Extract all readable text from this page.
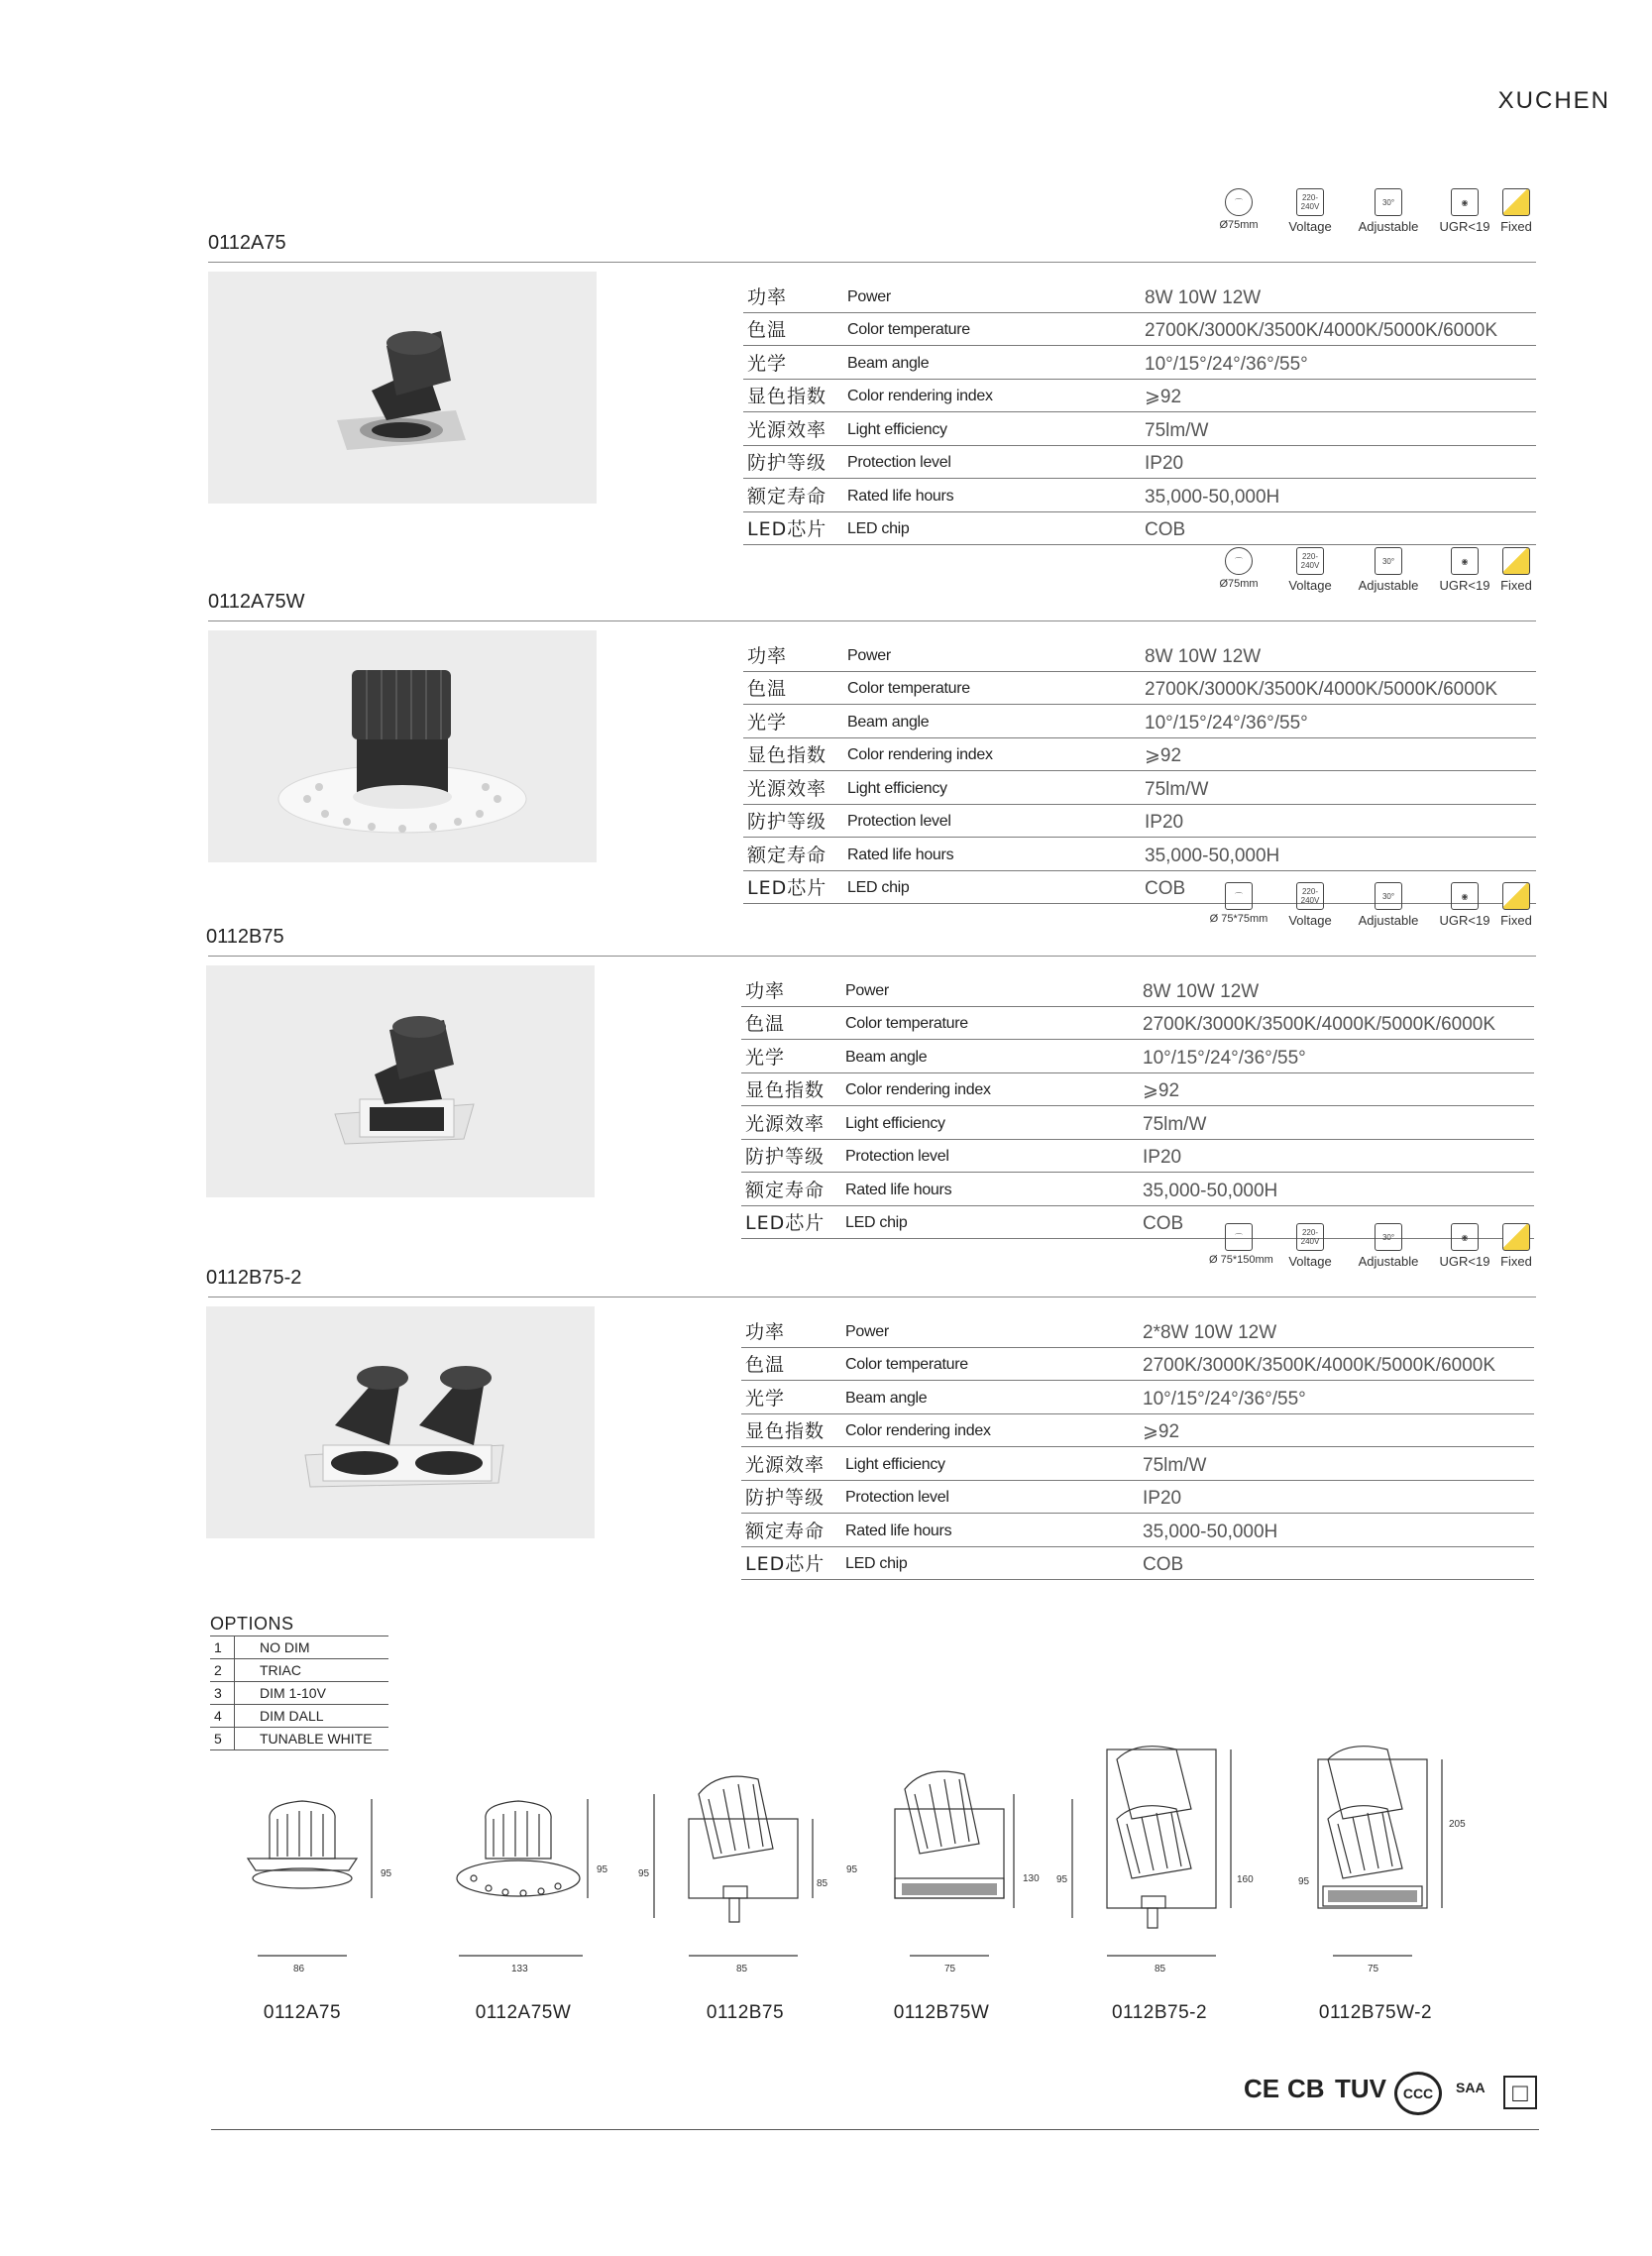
XUCHEN
0112A75
⌒
Ø75mm
220-240V
Voltage
30°
Adjustable
◉
UGR<19 Fixed
功率	Power	8W 10W 12W
色温	Color temperature	2700K/3000K/3500K/4000K/5000K/6000K
光学	Beam angle	10°/15°/24°/36°/55°
显色指数 Color rendering index	⩾92
光源效率 Light efficiency	75lm/W
防护等级 Protection level	IP20
额定寿命 Rated life hours	35,000-50,000H
LED芯片 LED chip	COB
0112A75W
⌒
Ø75mm
220-240V
Voltage
30°
Adjustable
◉
UGR<19 Fixed
功率	Power	8W 10W 12W
色温	Color temperature	2700K/3000K/3500K/4000K/5000K/6000K
光学	Beam angle	10°/15°/24°/36°/55°
显色指数 Color rendering index	⩾92
光源效率 Light efficiency	75lm/W
防护等级 Protection level	IP20
额定寿命 Rated life hours	35,000-50,000H
LED芯片 LED chip	COB
0112B75
⌒
Ø 75*75mm
220-240V
Voltage
30°
Adjustable
◉
UGR<19 Fixed
功率	Power	8W 10W 12W
色温	Color temperature	2700K/3000K/3500K/4000K/5000K/6000K
光学	Beam angle	10°/15°/24°/36°/55°
显色指数 Color rendering index	⩾92
光源效率 Light efficiency	75lm/W
防护等级 Protection level	IP20
额定寿命 Rated life hours	35,000-50,000H
LED芯片 LED chip	COB
0112B75-2
⌒
Ø 75*150mm
220-240V
Voltage
30°
Adjustable
◉
UGR<19 Fixed
功率	Power	2*8W 10W 12W
色温	Color temperature	2700K/3000K/3500K/4000K/5000K/6000K
光学	Beam angle	10°/15°/24°/36°/55°
显色指数 Color rendering index	⩾92
光源效率 Light efficiency	75lm/W
防护等级 Protection level	IP20
额定寿命 Rated life hours	35,000-50,000H
LED芯片 LED chip	COB
OPTIONS
1	NO DIM
2	TRIAC
3	DIM 1-10V
4	DIM DALL
5	TUNABLE WHITE
95
86
0112A75
95
133
0112A75W
95
85
85
0112B75
95
130
75
0112B75W
95	160
85
0112B75-2
95
205
75
0112B75W-2
CE CB TUV	CCC	SAA	□
